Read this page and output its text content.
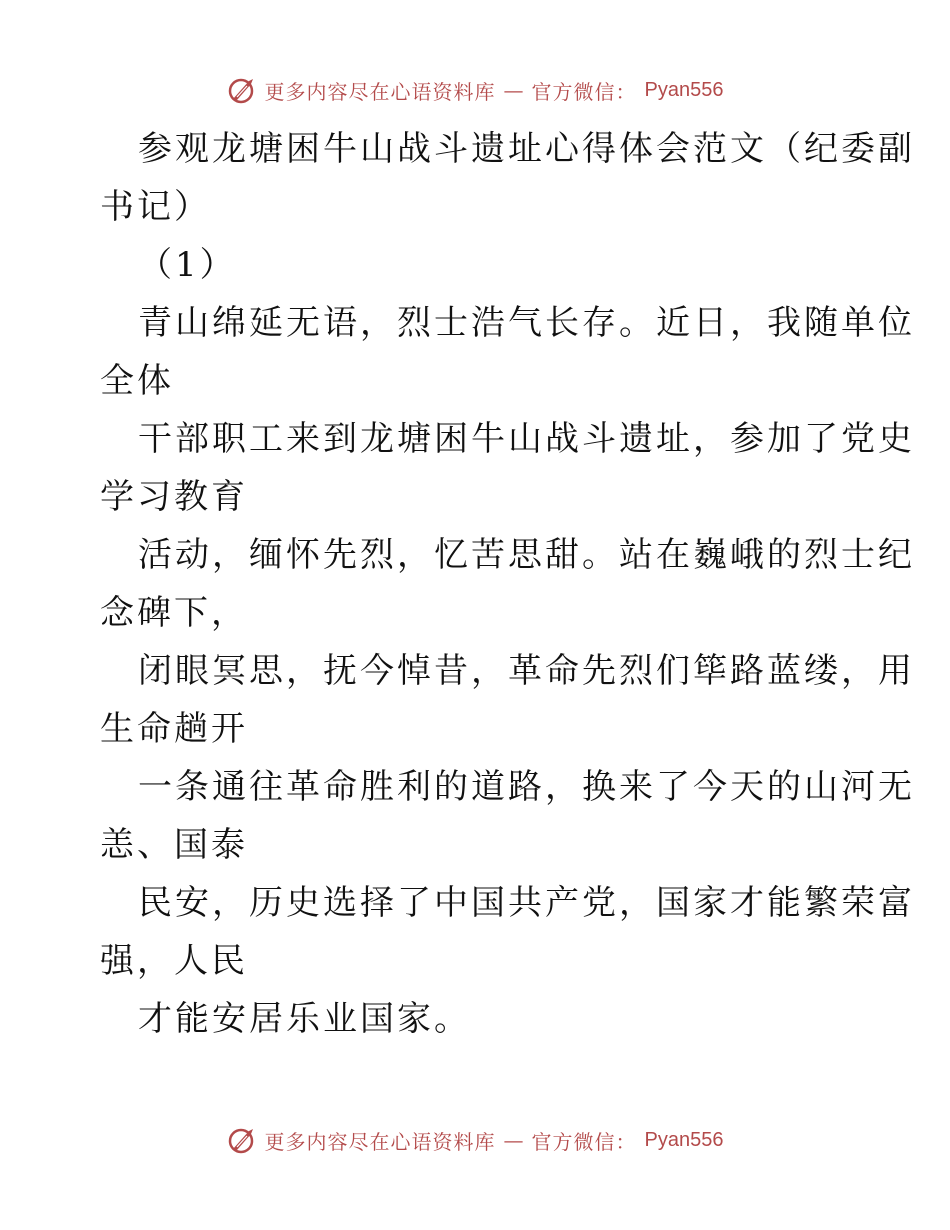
更多内容尽在心语资料库 — 官方微信： Pyan556
参观龙塘困牛山战斗遗址心得体会范文（纪委副
书记）
（1）
青山绵延无语，烈士浩气长存。近日，我随单位
全体
干部职工来到龙塘困牛山战斗遗址，参加了党史
学习教育
活动，缅怀先烈，忆苦思甜。站在巍峨的烈士纪
念碑下，
闭眼冥思，抚今悼昔，革命先烈们筚路蓝缕，用
生命趟开
一条通往革命胜利的道路，换来了今天的山河无
恙、国泰
民安，历史选择了中国共产党，国家才能繁荣富
强，人民
才能安居乐业国家。
更多内容尽在心语资料库 — 官方微信： Pyan556
